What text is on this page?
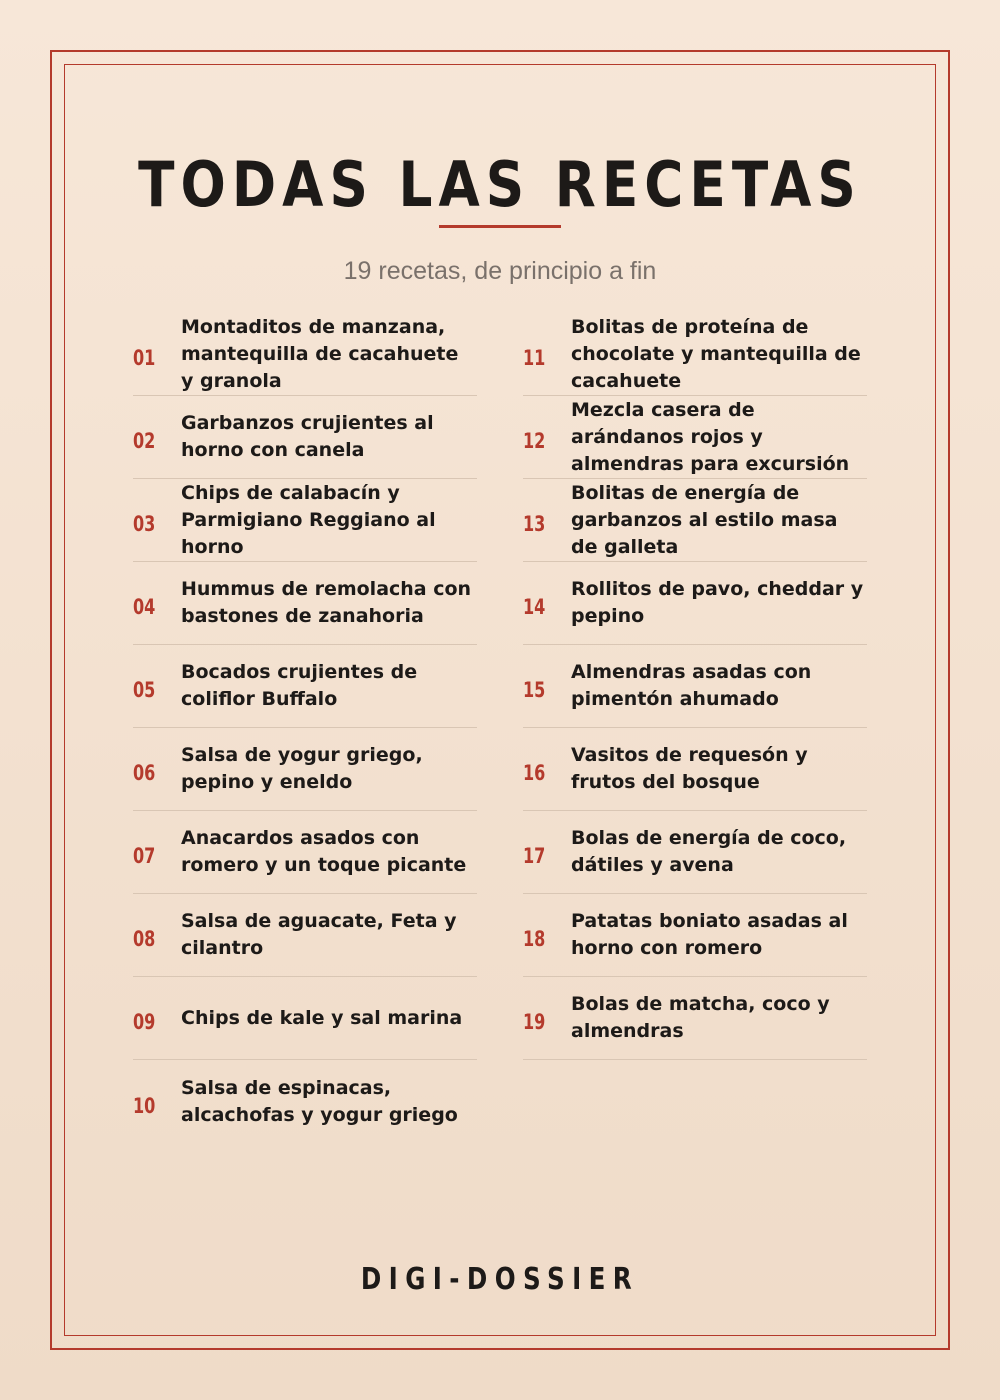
TODAS LAS RECETAS
19 recetas, de principio a fin
01
Montaditos de manzana, mantequilla de cacahuete y granola
02
Garbanzos crujientes al horno con canela
03
Chips de calabacín y Parmigiano Reggiano al horno
04
Hummus de remolacha con bastones de zanahoria
05
Bocados crujientes de coliflor Buffalo
06
Salsa de yogur griego, pepino y eneldo
07
Anacardos asados con romero y un toque picante
08
Salsa de aguacate, Feta y cilantro
09	Chips de kale y sal marina
10
Salsa de espinacas, alcachofas y yogur griego
11
Bolitas de proteína de chocolate y mantequilla de cacahuete
12
Mezcla casera de arándanos rojos y almendras para excursión
13
Bolitas de energía de garbanzos al estilo masa de galleta
14
Rollitos de pavo, cheddar y pepino
15
Almendras asadas con pimentón ahumado
16
Vasitos de requesón y frutos del bosque
17
Bolas de energía de coco, dátiles y avena
18
Patatas boniato asadas al horno con romero
19
Bolas de matcha, coco y almendras
DIGI-DOSSIER
